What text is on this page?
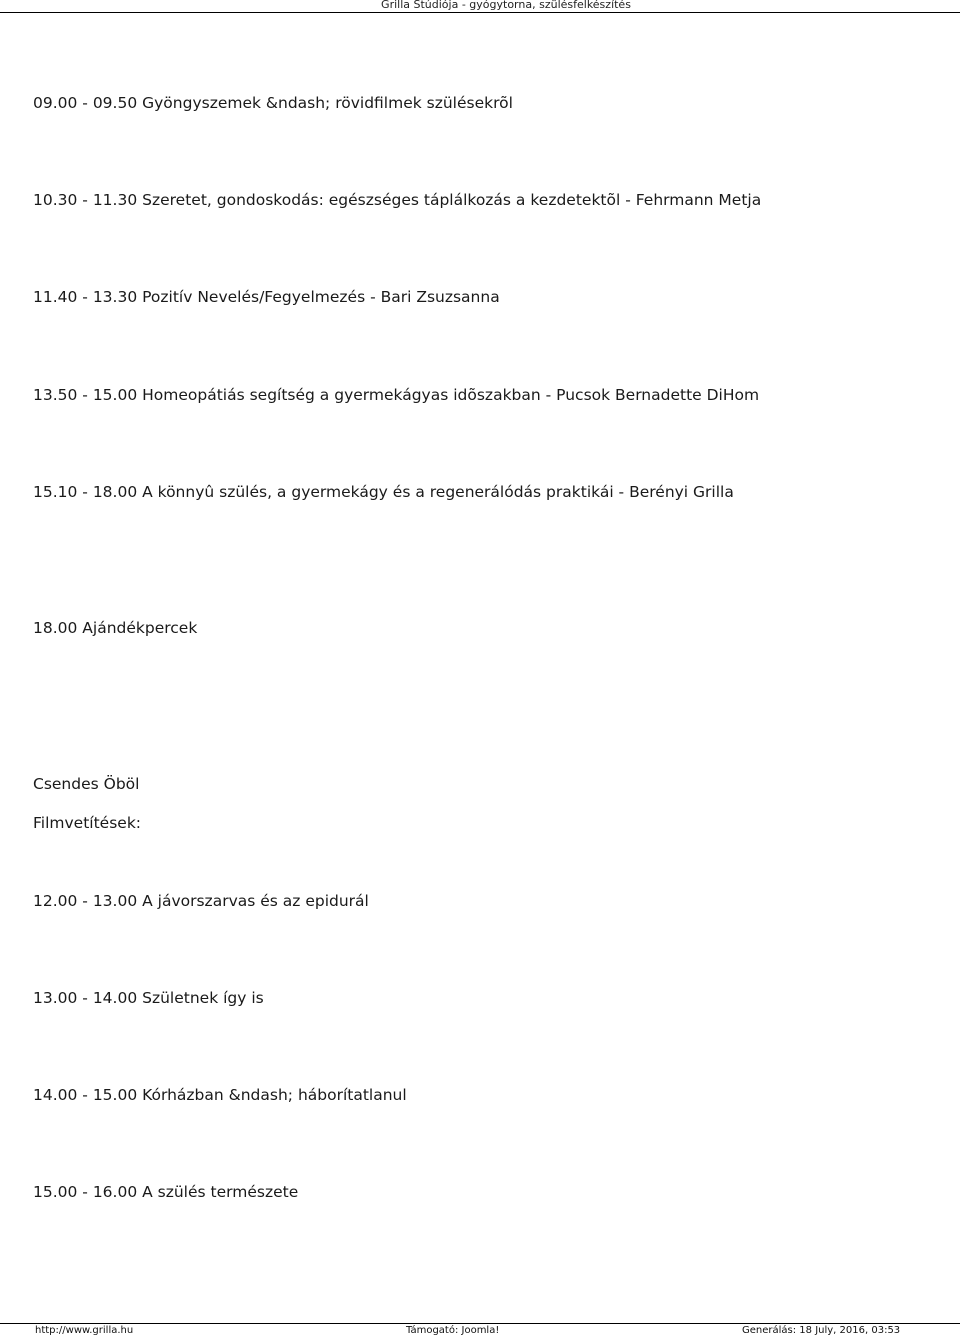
Grilla Stúdiója - gyógytorna, szülésfelkészítés
09.00 - 09.50 Gyöngyszemek &ndash; rövidfilmek szülésekrõl
10.30 - 11.30 Szeretet, gondoskodás: egészséges táplálkozás a kezdetektõl - Fehrmann Metja
11.40 - 13.30 Pozitív Nevelés/Fegyelmezés - Bari Zsuzsanna
13.50 - 15.00 Homeopátiás segítség a gyermekágyas idõszakban - Pucsok Bernadette DiHom
15.10 - 18.00 A könnyû szülés, a gyermekágy és a regenerálódás praktikái - Berényi Grilla
18.00 Ajándékpercek
Csendes Öböl
Filmvetítések:
12.00 - 13.00 A jávorszarvas és az epidurál
13.00 - 14.00 Születnek így is
14.00 - 15.00 Kórházban &ndash; háborítatlanul
15.00 - 16.00 A szülés természete
http://www.grilla.hu	Támogató: Joomla!	Generálás: 18 July, 2016, 03:53
